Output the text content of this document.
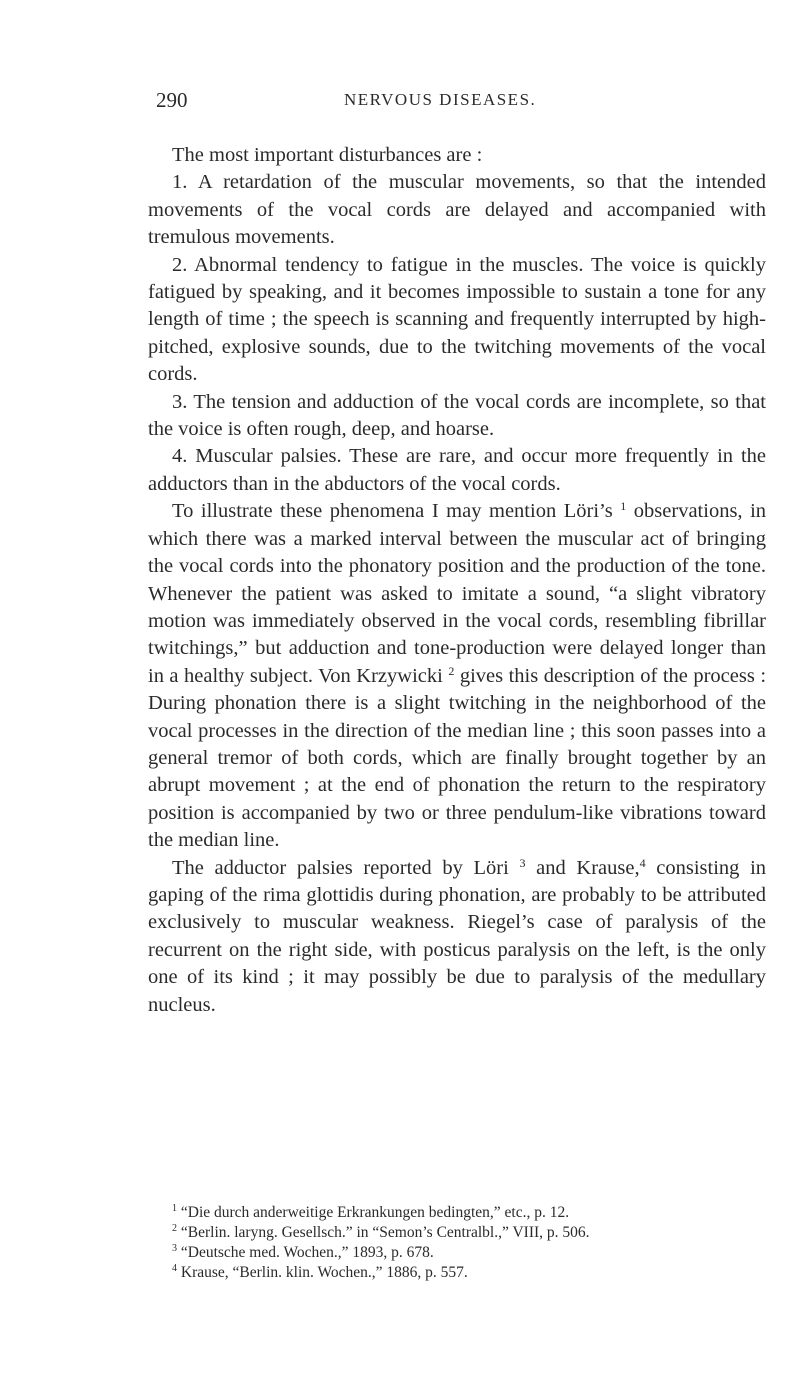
290	NERVOUS DISEASES.

The most important disturbances are :

1. A retardation of the muscular movements, so that the intended movements of the vocal cords are delayed and accompanied with tremulous movements.

2. Abnormal tendency to fatigue in the muscles. The voice is quickly fatigued by speaking, and it becomes impossible to sustain a tone for any length of time ; the speech is scanning and frequently interrupted by high-pitched, explosive sounds, due to the twitching movements of the vocal cords.

3. The tension and adduction of the vocal cords are incomplete, so that the voice is often rough, deep, and hoarse.

4. Muscular palsies. These are rare, and occur more frequently in the adductors than in the abductors of the vocal cords.

To illustrate these phenomena I may mention Löri’s $^1$ observations, in which there was a marked interval between the muscular act of bringing the vocal cords into the phonatory position and the production of the tone. Whenever the patient was asked to imitate a sound, “a slight vibratory motion was immediately observed in the vocal cords, resembling fibrillar twitchings,” but adduction and tone-production were delayed longer than in a healthy subject. Von Krzywicki $^2$ gives this description of the process : During phonation there is a slight twitching in the neighborhood of the vocal processes in the direction of the median line ; this soon passes into a general tremor of both cords, which are finally brought together by an abrupt movement ; at the end of phonation the return to the respiratory position is accompanied by two or three pendulum-like vibrations toward the median line.

The adductor palsies reported by Löri $^3$ and Krause,$^4$ consisting in gaping of the rima glottidis during phonation, are probably to be attributed exclusively to muscular weakness. Riegel’s case of paralysis of the recurrent on the right side, with posticus paralysis on the left, is the only one of its kind ; it may possibly be due to paralysis of the medullary nucleus.

$^1$ “Die durch anderweitige Erkrankungen bedingten,” etc., p. 12.

$^2$ “Berlin. laryng. Gesellsch.” in “Semon’s Centralbl.,” VIII, p. 506.

$^3$ “Deutsche med. Wochen.,” 1893, p. 678.

$^4$ Krause, “Berlin. klin. Wochen.,” 1886, p. 557.
